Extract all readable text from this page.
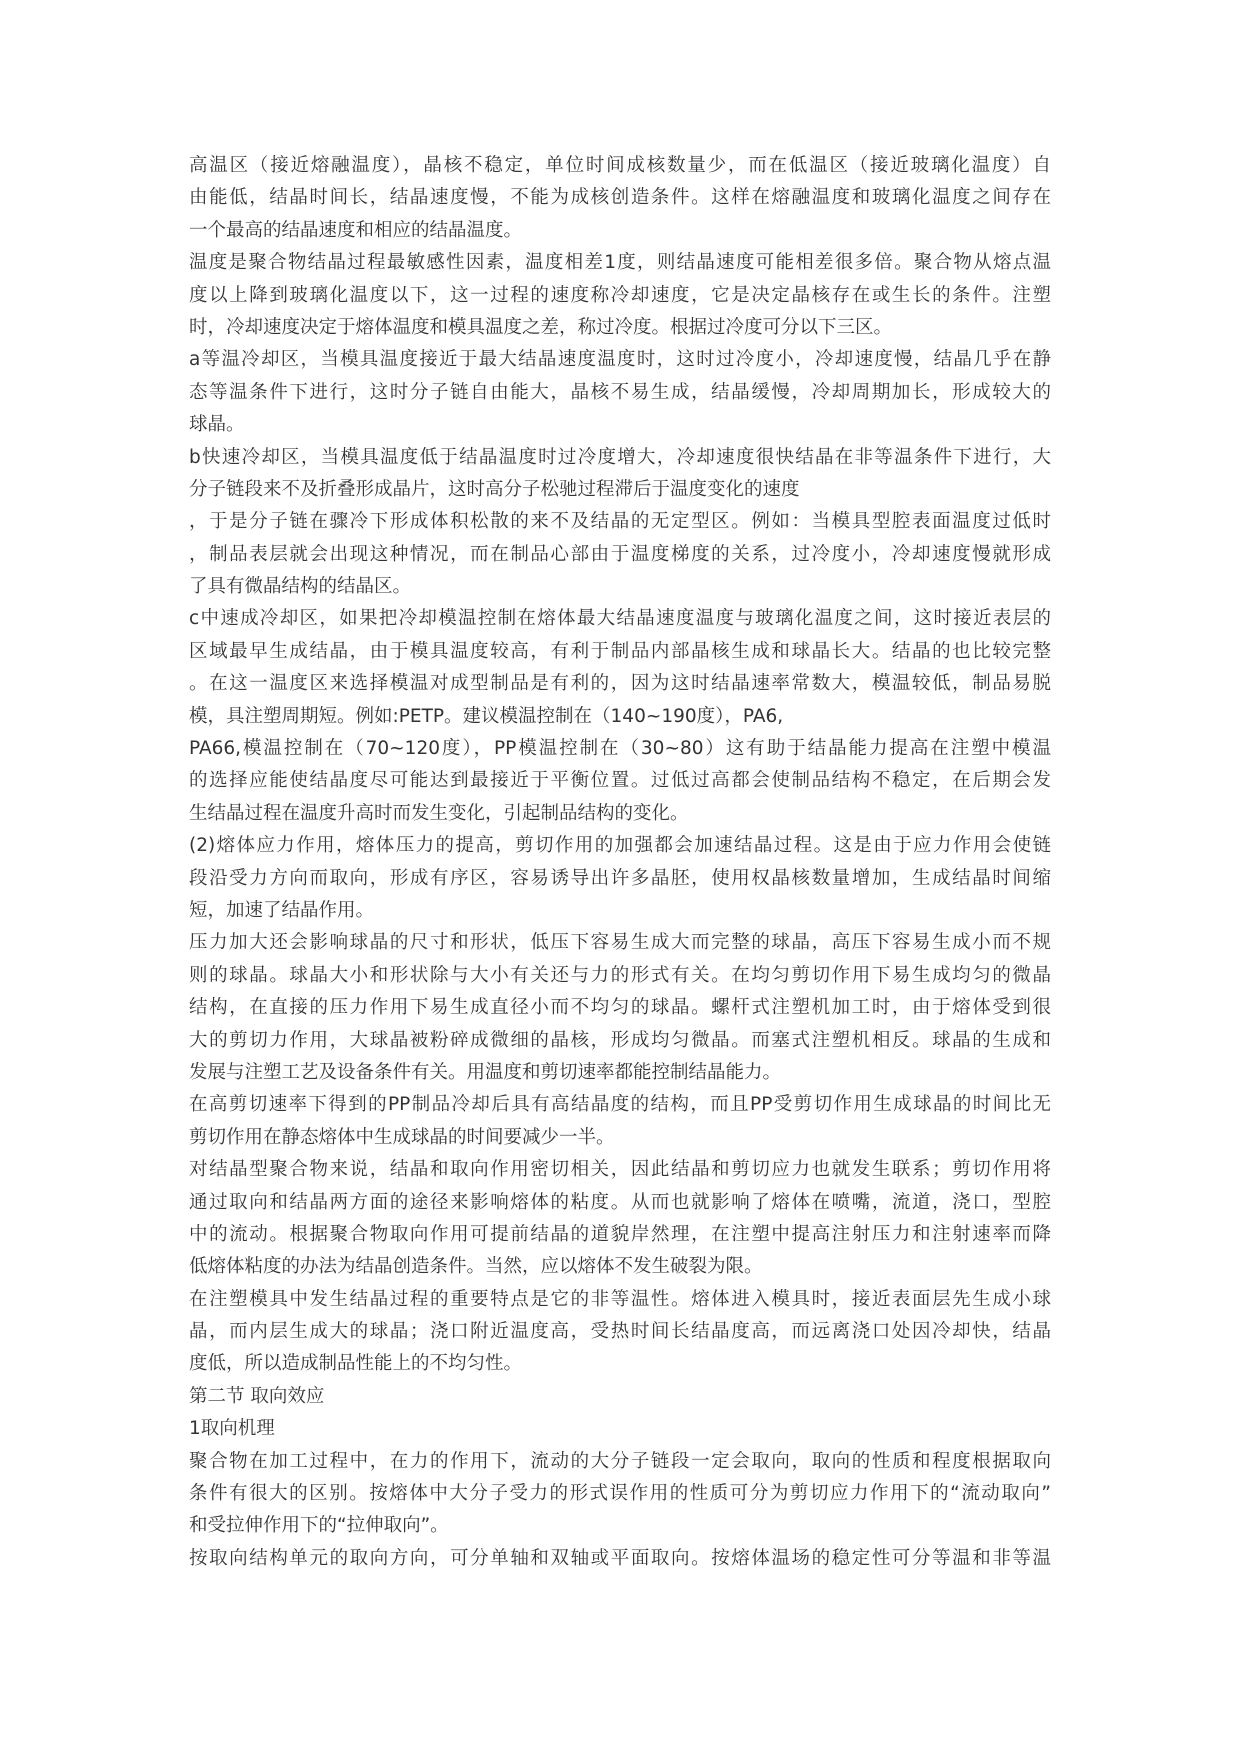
高温区（接近熔融温度），晶核不稳定，单位时间成核数量少，而在低温区（接近玻璃化温度）自
由能低，结晶时间长，结晶速度慢，不能为成核创造条件。这样在熔融温度和玻璃化温度之间存在
一个最高的结晶速度和相应的结晶温度。
温度是聚合物结晶过程最敏感性因素，温度相差1度，则结晶速度可能相差很多倍。聚合物从熔点温
度以上降到玻璃化温度以下，这一过程的速度称冷却速度，它是决定晶核存在或生长的条件。注塑
时，冷却速度决定于熔体温度和模具温度之差，称过冷度。根据过冷度可分以下三区。
a等温冷却区，当模具温度接近于最大结晶速度温度时，这时过冷度小，冷却速度慢，结晶几乎在静
态等温条件下进行，这时分子链自由能大，晶核不易生成，结晶缓慢，冷却周期加长，形成较大的
球晶。
b快速冷却区，当模具温度低于结晶温度时过冷度增大，冷却速度很快结晶在非等温条件下进行，大
分子链段来不及折叠形成晶片，这时高分子松驰过程滞后于温度变化的速度
，于是分子链在骤冷下形成体积松散的来不及结晶的无定型区。例如：当模具型腔表面温度过低时
，制品表层就会出现这种情况，而在制品心部由于温度梯度的关系，过冷度小，冷却速度慢就形成
了具有微晶结构的结晶区。
c中速成冷却区，如果把冷却模温控制在熔体最大结晶速度温度与玻璃化温度之间，这时接近表层的
区域最早生成结晶，由于模具温度较高，有利于制品内部晶核生成和球晶长大。结晶的也比较完整
。在这一温度区来选择模温对成型制品是有利的，因为这时结晶速率常数大，模温较低，制品易脱
模，具注塑周期短。例如:PETP。建议模温控制在（140~190度），PA6,
PA66,模温控制在（70~120度），PP模温控制在（30~80）这有助于结晶能力提高在注塑中模温
的选择应能使结晶度尽可能达到最接近于平衡位置。过低过高都会使制品结构不稳定，在后期会发
生结晶过程在温度升高时而发生变化，引起制品结构的变化。
(2)熔体应力作用，熔体压力的提高，剪切作用的加强都会加速结晶过程。这是由于应力作用会使链
段沿受力方向而取向，形成有序区，容易诱导出许多晶胚，使用权晶核数量增加，生成结晶时间缩
短，加速了结晶作用。
压力加大还会影响球晶的尺寸和形状，低压下容易生成大而完整的球晶，高压下容易生成小而不规
则的球晶。球晶大小和形状除与大小有关还与力的形式有关。在均匀剪切作用下易生成均匀的微晶
结构，在直接的压力作用下易生成直径小而不均匀的球晶。螺杆式注塑机加工时，由于熔体受到很
大的剪切力作用，大球晶被粉碎成微细的晶核，形成均匀微晶。而塞式注塑机相反。球晶的生成和
发展与注塑工艺及设备条件有关。用温度和剪切速率都能控制结晶能力。
在高剪切速率下得到的PP制品冷却后具有高结晶度的结构，而且PP受剪切作用生成球晶的时间比无
剪切作用在静态熔体中生成球晶的时间要减少一半。
对结晶型聚合物来说，结晶和取向作用密切相关，因此结晶和剪切应力也就发生联系；剪切作用将
通过取向和结晶两方面的途径来影响熔体的粘度。从而也就影响了熔体在喷嘴，流道，浇口，型腔
中的流动。根据聚合物取向作用可提前结晶的道貌岸然理，在注塑中提高注射压力和注射速率而降
低熔体粘度的办法为结晶创造条件。当然，应以熔体不发生破裂为限。
在注塑模具中发生结晶过程的重要特点是它的非等温性。熔体进入模具时，接近表面层先生成小球
晶，而内层生成大的球晶；浇口附近温度高，受热时间长结晶度高，而远离浇口处因冷却快，结晶
度低，所以造成制品性能上的不均匀性。
第二节 取向效应
1取向机理
聚合物在加工过程中，在力的作用下，流动的大分子链段一定会取向，取向的性质和程度根据取向
条件有很大的区别。按熔体中大分子受力的形式误作用的性质可分为剪切应力作用下的“流动取向”
和受拉伸作用下的“拉伸取向”。
按取向结构单元的取向方向，可分单轴和双轴或平面取向。按熔体温场的稳定性可分等温和非等温
